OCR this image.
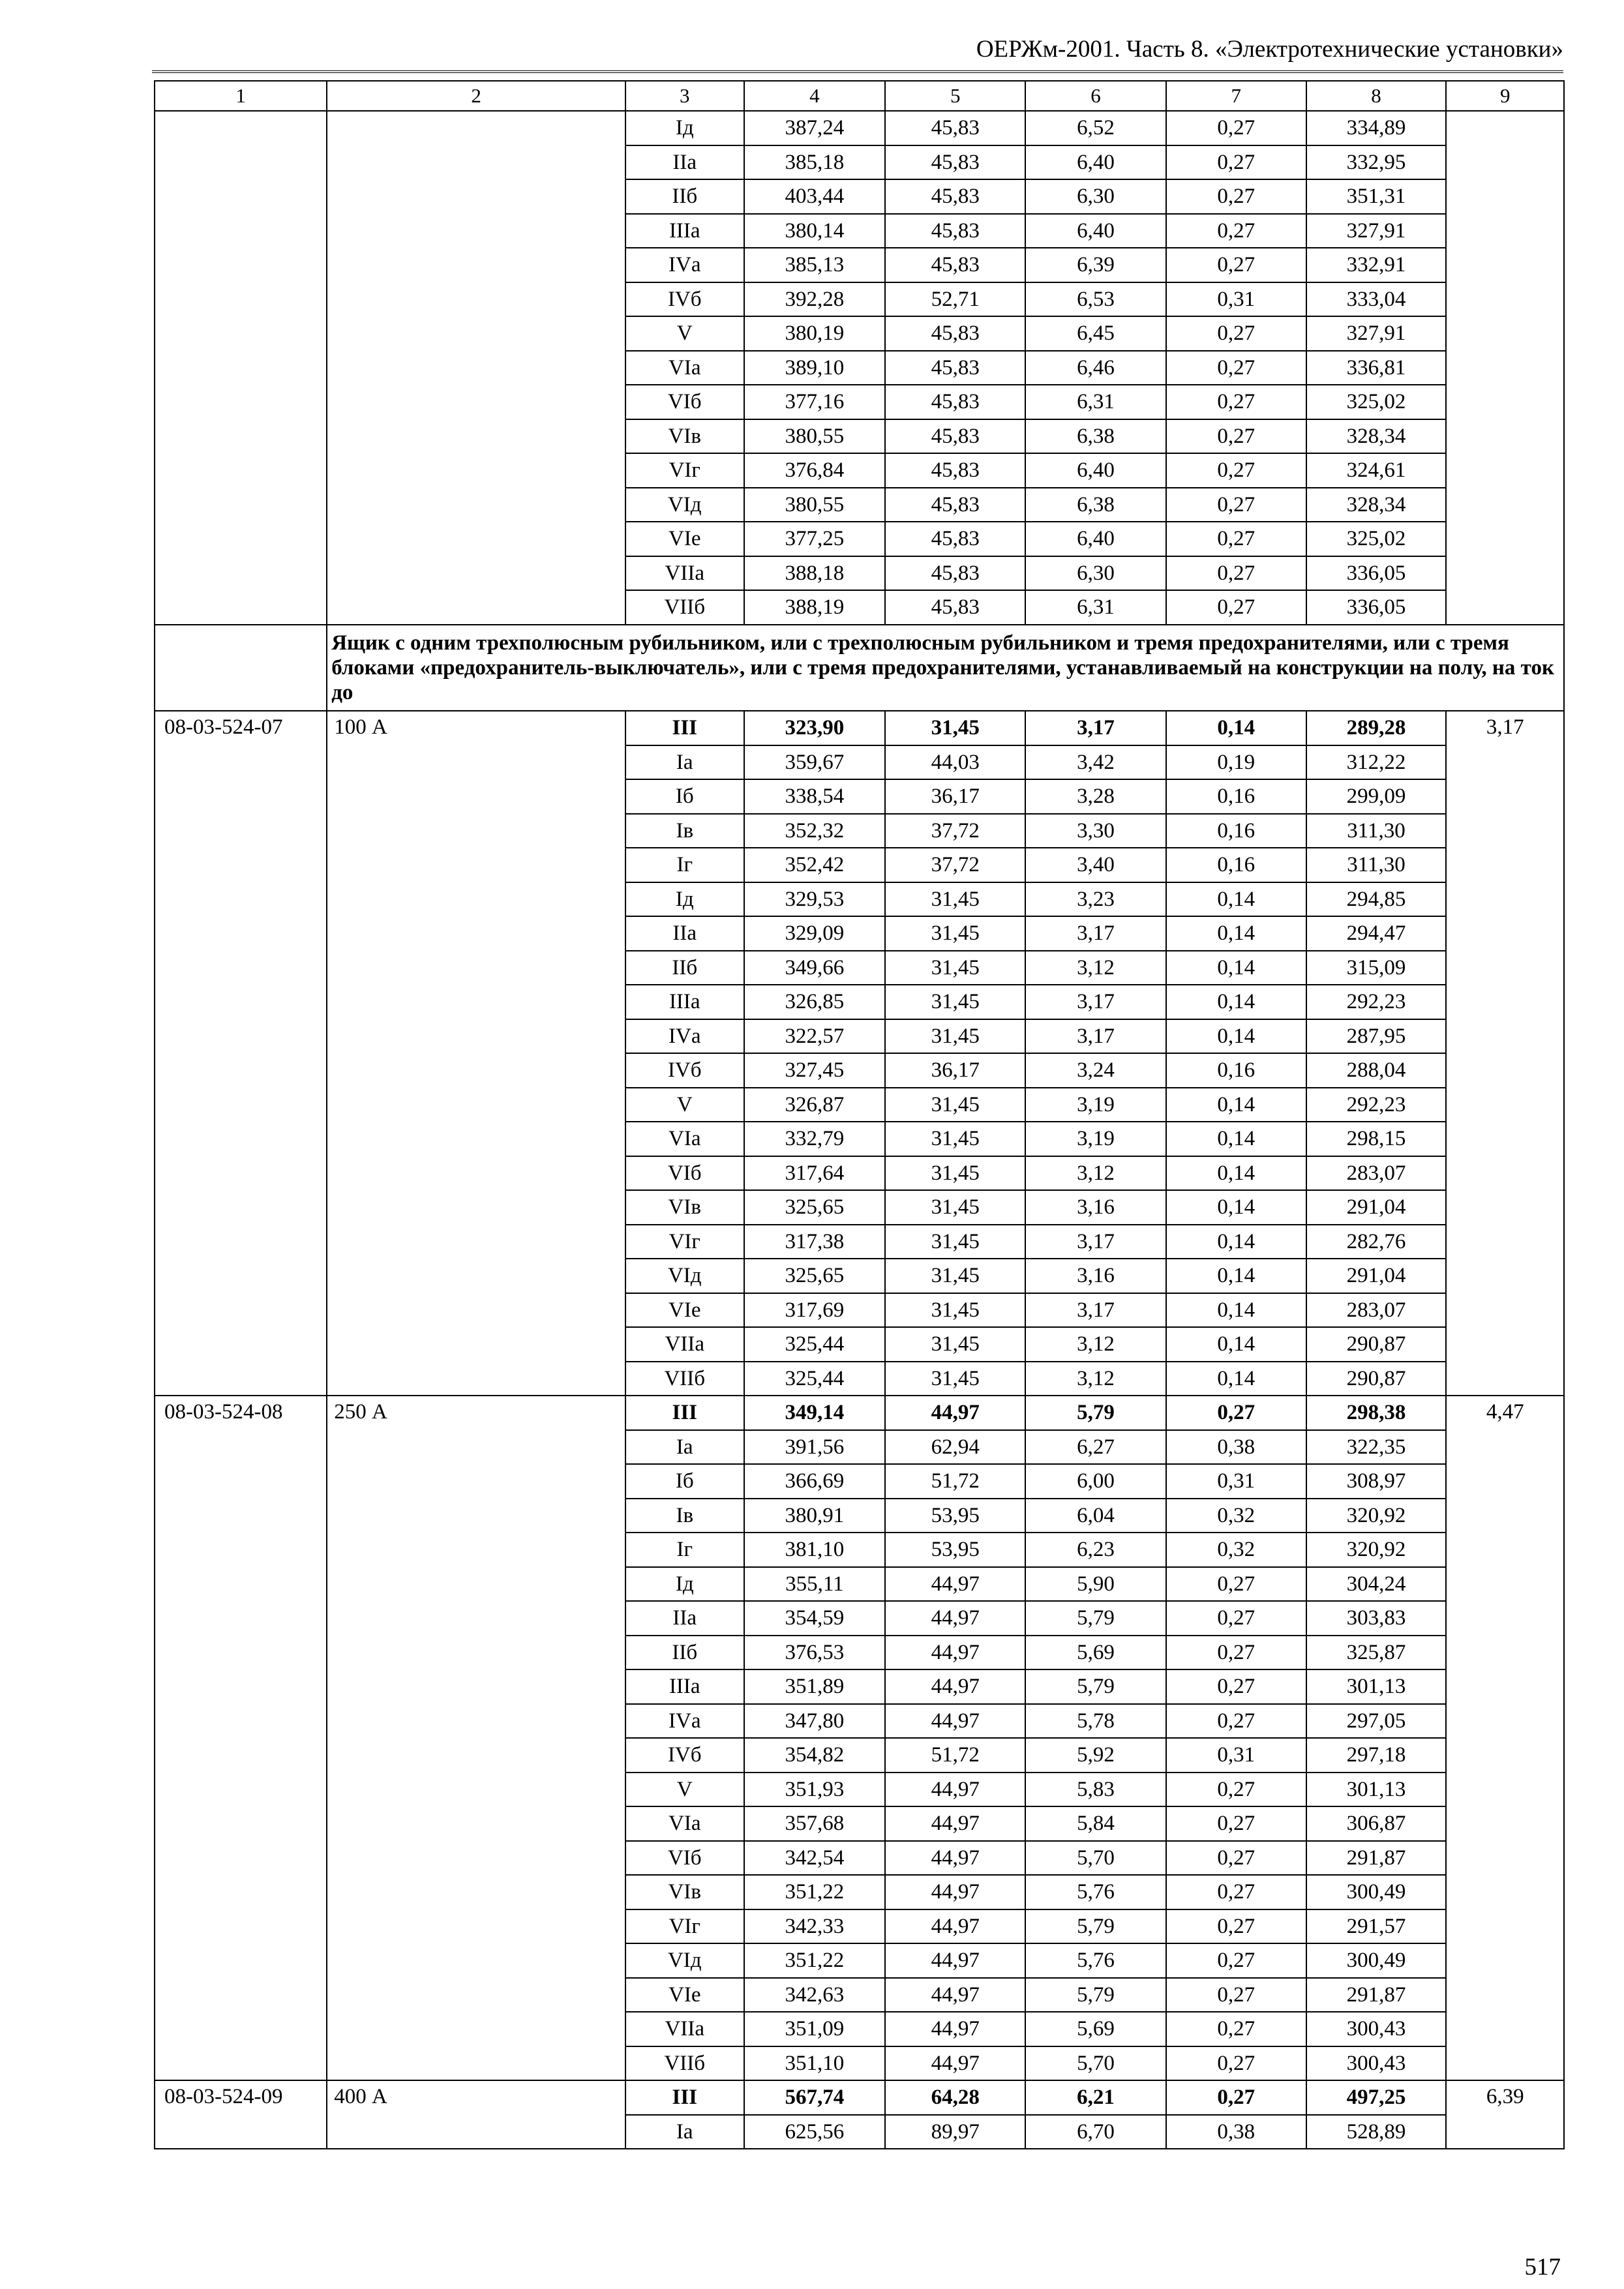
ОЕРЖм-2001. Часть 8. «Электротехнические установки»
1	2	3	4	5	6	7	8	9
		Iд	387,24	45,83	6,52	0,27	334,89	
		IIа	385,18	45,83	6,40	0,27	332,95	
		IIб	403,44	45,83	6,30	0,27	351,31	
		IIIа	380,14	45,83	6,40	0,27	327,91	
		IVа	385,13	45,83	6,39	0,27	332,91	
		IVб	392,28	52,71	6,53	0,31	333,04	
		V	380,19	45,83	6,45	0,27	327,91	
		VIа	389,10	45,83	6,46	0,27	336,81	
		VIб	377,16	45,83	6,31	0,27	325,02	
		VIв	380,55	45,83	6,38	0,27	328,34	
		VIг	376,84	45,83	6,40	0,27	324,61	
		VIд	380,55	45,83	6,38	0,27	328,34	
		VIе	377,25	45,83	6,40	0,27	325,02	
		VIIа	388,18	45,83	6,30	0,27	336,05	
		VIIб	388,19	45,83	6,31	0,27	336,05	
	Ящик с одним трехполюсным рубильником, или с трехполюсным рубильником и тремя предохранителями, или с тремя блоками «предохранитель-выключатель», или с тремя предохранителями, устанавливаемый на конструкции на полу, на ток до							
08-03-524-07	100 А	III	323,90	31,45	3,17	0,14	289,28	3,17
		Iа	359,67	44,03	3,42	0,19	312,22	
		Iб	338,54	36,17	3,28	0,16	299,09	
		Iв	352,32	37,72	3,30	0,16	311,30	
		Iг	352,42	37,72	3,40	0,16	311,30	
		Iд	329,53	31,45	3,23	0,14	294,85	
		IIа	329,09	31,45	3,17	0,14	294,47	
		IIб	349,66	31,45	3,12	0,14	315,09	
		IIIа	326,85	31,45	3,17	0,14	292,23	
		IVа	322,57	31,45	3,17	0,14	287,95	
		IVб	327,45	36,17	3,24	0,16	288,04	
		V	326,87	31,45	3,19	0,14	292,23	
		VIа	332,79	31,45	3,19	0,14	298,15	
		VIб	317,64	31,45	3,12	0,14	283,07	
		VIв	325,65	31,45	3,16	0,14	291,04	
		VIг	317,38	31,45	3,17	0,14	282,76	
		VIд	325,65	31,45	3,16	0,14	291,04	
		VIе	317,69	31,45	3,17	0,14	283,07	
		VIIа	325,44	31,45	3,12	0,14	290,87	
		VIIб	325,44	31,45	3,12	0,14	290,87	
08-03-524-08	250 А	III	349,14	44,97	5,79	0,27	298,38	4,47
		Iа	391,56	62,94	6,27	0,38	322,35	
		Iб	366,69	51,72	6,00	0,31	308,97	
		Iв	380,91	53,95	6,04	0,32	320,92	
		Iг	381,10	53,95	6,23	0,32	320,92	
		Iд	355,11	44,97	5,90	0,27	304,24	
		IIа	354,59	44,97	5,79	0,27	303,83	
		IIб	376,53	44,97	5,69	0,27	325,87	
		IIIа	351,89	44,97	5,79	0,27	301,13	
		IVа	347,80	44,97	5,78	0,27	297,05	
		IVб	354,82	51,72	5,92	0,31	297,18	
		V	351,93	44,97	5,83	0,27	301,13	
		VIа	357,68	44,97	5,84	0,27	306,87	
		VIб	342,54	44,97	5,70	0,27	291,87	
		VIв	351,22	44,97	5,76	0,27	300,49	
		VIг	342,33	44,97	5,79	0,27	291,57	
		VIд	351,22	44,97	5,76	0,27	300,49	
		VIе	342,63	44,97	5,79	0,27	291,87	
		VIIа	351,09	44,97	5,69	0,27	300,43	
		VIIб	351,10	44,97	5,70	0,27	300,43	
08-03-524-09	400 А	III	567,74	64,28	6,21	0,27	497,25	6,39
		Iа	625,56	89,97	6,70	0,38	528,89	
517
